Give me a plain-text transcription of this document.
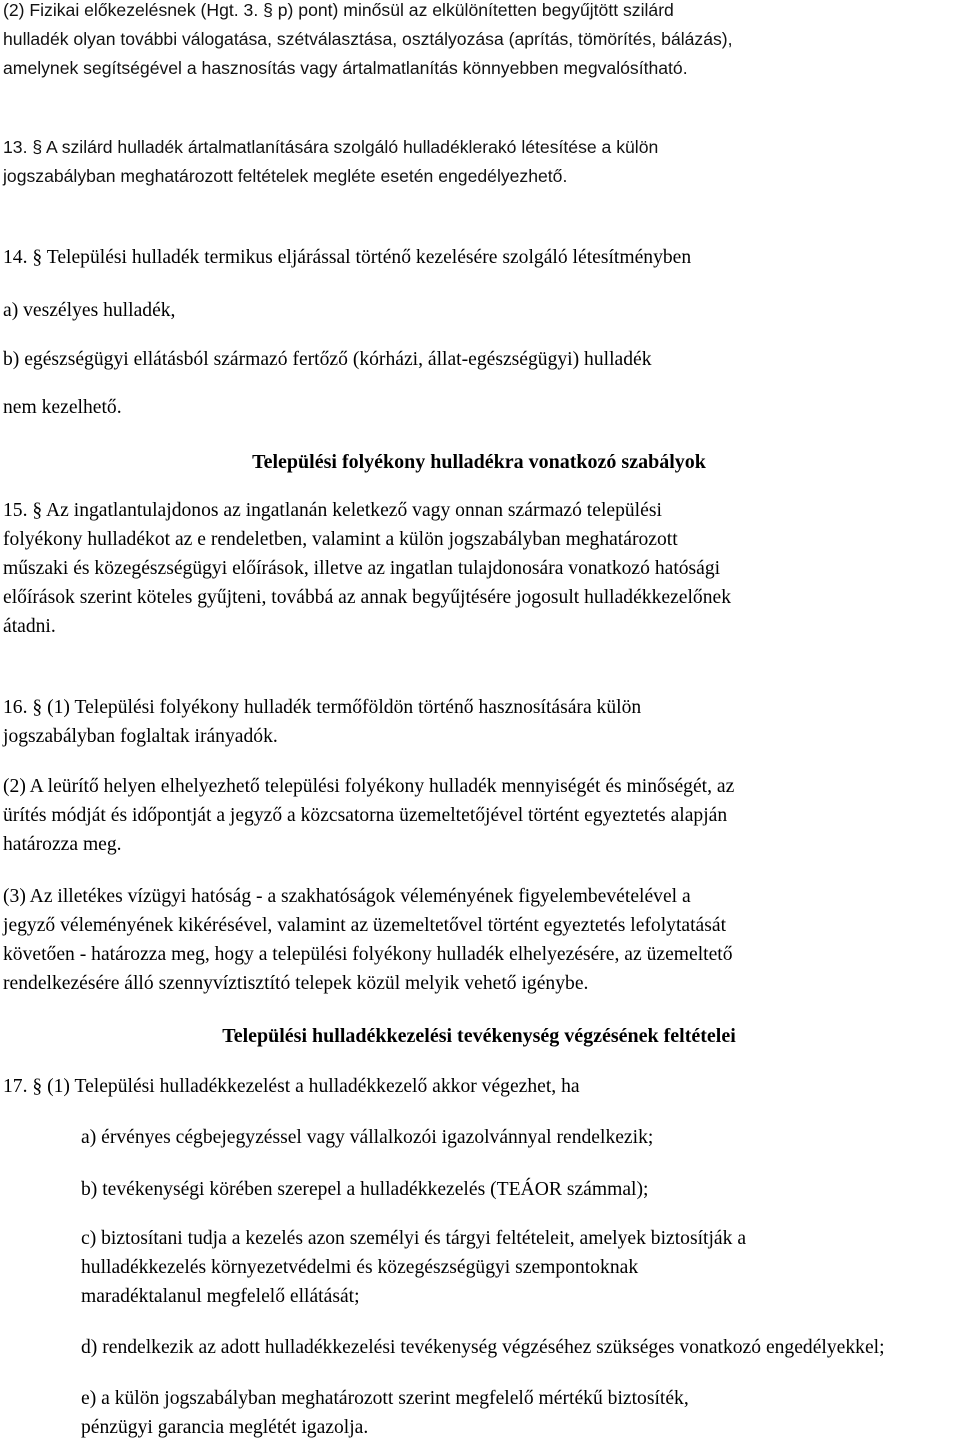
(2) Fizikai előkezelésnek (Hgt. 3. § p) pont) minősül az elkülönítetten begyűjtött szilárd
hulladék olyan további válogatása, szétválasztása, osztályozása (aprítás, tömörítés, bálázás),
amelynek segítségével a hasznosítás vagy ártalmatlanítás könnyebben megvalósítható.
13. § A szilárd hulladék ártalmatlanítására szolgáló hulladéklerakó létesítése a külön
jogszabályban meghatározott feltételek megléte esetén engedélyezhető.
14. § Települési hulladék termikus eljárással történő kezelésére szolgáló létesítményben
a) veszélyes hulladék,
b) egészségügyi ellátásból származó fertőző (kórházi, állat-egészségügyi) hulladék
nem kezelhető.
Települési folyékony hulladékra vonatkozó szabályok
15. § Az ingatlantulajdonos az ingatlanán keletkező vagy onnan származó települési
folyékony hulladékot az e rendeletben, valamint a külön jogszabályban meghatározott
műszaki és közegészségügyi előírások, illetve az ingatlan tulajdonosára vonatkozó hatósági
előírások szerint köteles gyűjteni, továbbá az annak begyűjtésére jogosult hulladékkezelőnek
átadni.
16. § (1) Települési folyékony hulladék termőföldön történő hasznosítására külön
jogszabályban foglaltak irányadók.
(2) A leürítő helyen elhelyezhető települési folyékony hulladék mennyiségét és minőségét, az
ürítés módját és időpontját a jegyző a közcsatorna üzemeltetőjével történt egyeztetés alapján
határozza meg.
(3) Az illetékes vízügyi hatóság - a szakhatóságok véleményének figyelembevételével a
jegyző véleményének kikérésével, valamint az üzemeltetővel történt egyeztetés lefolytatását
követően - határozza meg, hogy a települési folyékony hulladék elhelyezésére, az üzemeltető
rendelkezésére álló szennyvíztisztító telepek közül melyik vehető igénybe.
Települési hulladékkezelési tevékenység végzésének feltételei
17. § (1) Települési hulladékkezelést a hulladékkezelő akkor végezhet, ha
a) érvényes cégbejegyzéssel vagy vállalkozói igazolvánnyal rendelkezik;
b) tevékenységi körében szerepel a hulladékkezelés (TEÁOR számmal);
c) biztosítani tudja a kezelés azon személyi és tárgyi feltételeit, amelyek biztosítják a
hulladékkezelés környezetvédelmi és közegészségügyi szempontoknak
maradéktalanul megfelelő ellátását;
d) rendelkezik az adott hulladékkezelési tevékenység végzéséhez szükséges vonatkozó engedélyekkel;
e) a külön jogszabályban meghatározott szerint megfelelő mértékű biztosíték,
pénzügyi garancia meglétét igazolja.
